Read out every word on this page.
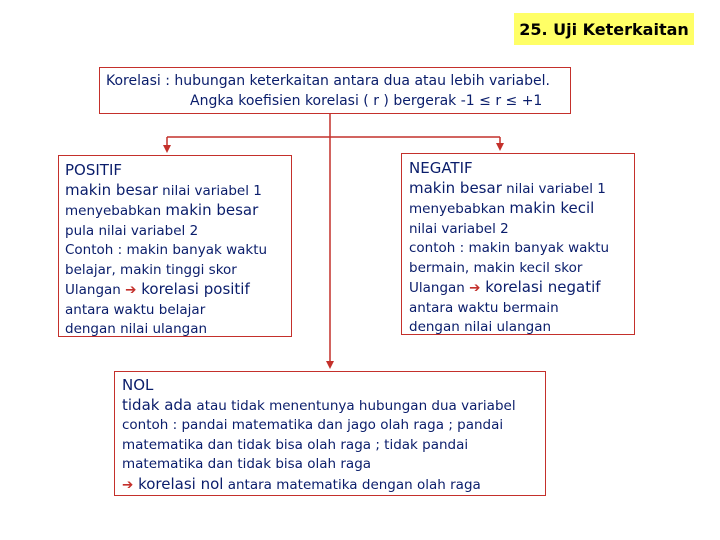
25. Uji Keterkaitan
Korelasi : hubungan keterkaitan antara dua atau lebih variabel.
Angka koefisien korelasi ( r ) bergerak -1 ≤ r ≤ +1
POSITIF
makin besar nilai variabel 1
menyebabkan makin besar
pula nilai variabel 2
Contoh : makin banyak waktu
belajar, makin tinggi skor
Ulangan ➔ korelasi positif
antara waktu belajar
dengan nilai ulangan
NEGATIF
makin besar nilai variabel 1
menyebabkan makin kecil
nilai variabel 2
contoh : makin banyak waktu
bermain, makin kecil skor
Ulangan ➔ korelasi negatif
antara waktu bermain
dengan nilai ulangan
NOL
tidak ada atau tidak menentunya hubungan dua variabel
contoh : pandai matematika dan jago olah raga ; pandai
matematika dan tidak bisa olah raga ; tidak pandai
matematika dan tidak bisa olah raga
➔ korelasi nol antara matematika dengan olah raga
